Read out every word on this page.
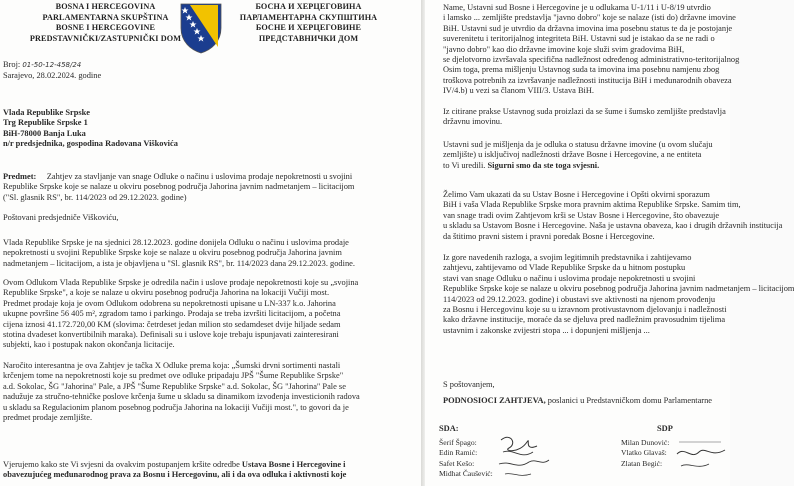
BOSNA I HERCEGOVINA
PARLAMENTARNA SKUPŠTINA
BOSNE I HERCEGOVINE
PREDSTAVNIČKI/ZASTUPNIČKI DOM
БОСНА И ХЕРЦЕГОВИНА
ПАРЛАМЕНТАРНА СКУПШТИНА
БОСНЕ И ХЕРЦЕГОВИНЕ
ПРЕДСТАВНИЧКИ ДОМ
Broj: 01-50-12-458/24
Sarajevo, 28.02.2024. godine
Vlada Republike Srpske
Trg Republike Srpske 1
BiH-78000 Banja Luka
n/r predsjednika, gospodina Radovana Viškovića
Predmet: Zahtjev za stavljanje van snage Odluke o načinu i uslovima prodaje nepokretnosti u svojini
Republike Srpske koje se nalaze u okviru posebnog područja Jahorina javnim nadmetanjem – licitacijom
("Sl. glasnik RS", br. 114/2023 od 29.12.2023. godine)
Poštovani predsjedniče Viškoviću,
Vlada Republike Srpske je na sjednici 28.12.2023. godine donijela Odluku o načinu i uslovima prodaje
nepokretnosti u svojini Republike Srpske koje se nalaze u okviru posebnog područja Jahorina javnim
nadmetanjem – licitacijom, a ista je objavljena u "Sl. glasnik RS", br. 114/2023 dana 29.12.2023. godine.
Ovom Odlukom Vlada Republike Srpske je odredila način i uslove prodaje nepokretnosti koje su „svojina
Republike Srpske", a koje se nalaze u okviru posebnog područja Jahorina na lokaciji Vučiji most.
Predmet prodaje koja je ovom Odlukom odobrena su nepokretnosti upisane u LN-337 k.o. Jahorina
ukupne površine 56 405 m², zgradom tamo i parkingo. Prodaja se treba izvršiti licitacijom, a početna
cijena iznosi 41.172.720,00 KM (slovima: četrdeset jedan milion sto sedamdeset dvije hiljade sedam
stotina dvadeset konvertibilnih maraka). Definisali su i uslove koje trebaju ispunjavati zainteresirani
subjekti, kao i postupak nakon okončanja licitacije.
Naročito interesantna je ova Zahtjev je tačka X Odluke prema koja: „Šumski drvni sortimenti nastali
krčenjem tome na nepokretnosti koje su predmet ove odluke pripadaju JPŠ "Šume Republike Srpske"
a.d. Sokolac, ŠG "Jahorina" Pale, a JPŠ "Šume Republike Srpske" a.d. Sokolac, ŠG "Jahorina" Pale se
nadužuje za stručno-tehničke poslove krčenja šume u skladu sa dinamikom izvođenja investicionih radova
u skladu sa Regulacionim planom posebnog područja Jahorina na lokaciji Vučiji most.", to govori da je
predmet prodaje zemljište.
Vjerujemo kako ste Vi svjesni da ovakvim postupanjem kršite odredbe Ustava Bosne i Hercegovine i
obavezujućeg međunarodnog prava za Bosnu i Hercegovinu, ali i da ova odluka i aktivnosti koje
Name, Ustavni sud Bosne i Hercegovine je u odlukama U-1/11 i U-8/19 utvrdio
i lamsko ... zemljište predstavlja "javno dobro" koje se nalaze (isti do) državne imovine
BiH. Ustavni sud je utvrdio da državna imovina ima posebnu status te da je postojanje
suverenitetu i teritorijalnog integriteta BiH. Ustavni sud je istakao da se ne radi o
"javno dobro" kao dio državne imovine koje služi svim gradovima BiH,
se djelotvorno izvršavala specifična nadležnost određenog administrativno-teritorijalnog
Osim toga, prema mišljenju Ustavnog suda ta imovina ima posebnu namjenu zbog
troškova potrebnih za izvršavanje nadležnosti institucija BiH i međunarodnih obaveza
IV/4.b) u vezi sa članom VIII/3. Ustava BiH.
Iz citirane prakse Ustavnog suda proizlazi da se šume i šumsko zemljište predstavlja
državnu imovinu.
Ustavni sud je mišljenja da je odluka o statusu državne imovine (u ovom slučaju
zemljište) u isključivoj nadležnosti države Bosne i Hercegovine, a ne entiteta
to Vi uredili. Sigurni smo da ste toga svjesni.
Želimo Vam ukazati da su Ustav Bosne i Hercegovine i Opšti okvirni sporazum
BiH i vaša Vlada Republike Srpske mora pravnim aktima Republike Srpske. Samim tim,
van snage tradi ovim Zahtjevom krši se Ustav Bosne i Hercegovine, što obavezuje
u skladu sa Ustavom Bosne i Hercegovine. Naša je ustavna obaveza, kao i drugih državnih institucija
da štitimo pravni sistem i pravni poredak Bosne i Hercegovine.
Iz gore navedenih razloga, a svojim legitimnih predstavnika i zahtijevamo
zahtjevu, zahtijevamo od Vlade Republike Srpske da u hitnom postupku
stavi van snage Odluku o načinu i uslovima prodaje nepokretnosti u svojini
Republike Srpske koje se nalaze u okviru posebnog područja Jahorina javnim nadmetanjem – licitacijom
114/2023 od 29.12.2023. godine) i obustavi sve aktivnosti na njenom provođenju
za Bosnu i Hercegovinu koje su u izravnom protivustavnom djelovanju i nadležnosti
kako državne institucije, moraće da se djeluva pred nadležnim pravosudnim tijelima
ustavnim i zakonske zvijestri stopa ... i dopunjeni mišljenja ...
S poštovanjem,
PODNOSIOCI ZAHTJEVA, poslanici u Predstavničkom domu Parlamentarne
SDA:	SDP
Šerif Špago:
Edin Ramić:
Safet Kešo:
Midhat Čaušević:
Milan Dunović:
Vlatko Glavaš:
Zlatan Begić:
